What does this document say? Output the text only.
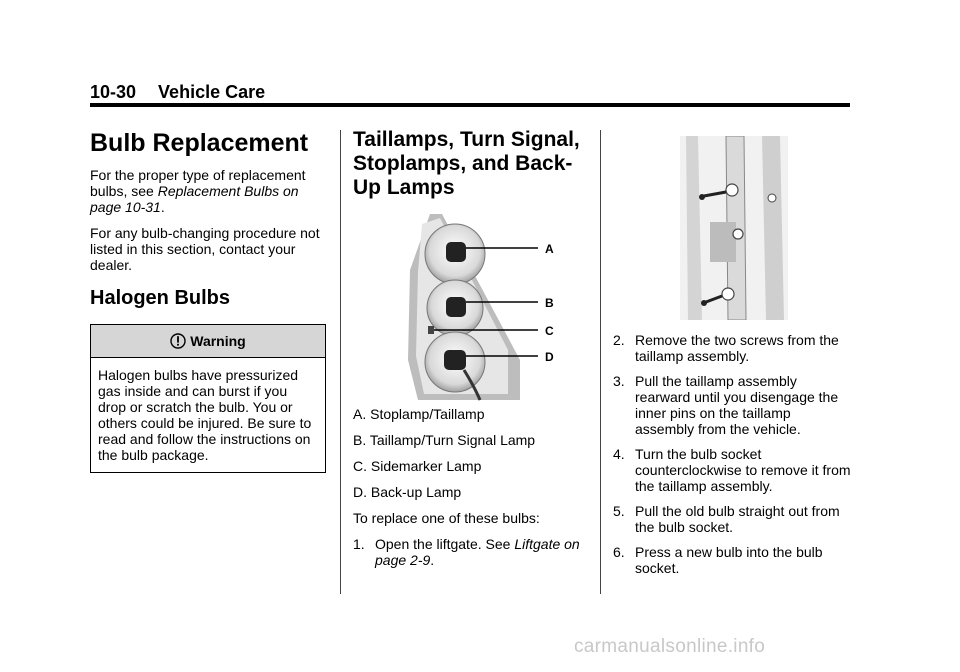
10-30 Vehicle Care
Bulb Replacement

For the proper type of replacement bulbs, see Replacement Bulbs on page 10-31.

For any bulb-changing procedure not listed in this section, contact your dealer.

Halogen Bulbs
Warning
Halogen bulbs have pressurized gas inside and can burst if you drop or scratch the bulb. You or others could be injured. Be sure to read and follow the instructions on the bulb package.
Taillamps, Turn Signal, Stoplamps, and Back-Up Lamps
A
B
C
D

A. Stoplamp/Taillamp

B. Taillamp/Turn Signal Lamp

C. Sidemarker Lamp

D. Back-up Lamp

To replace one of these bulbs:

1. Open the liftgate. See Liftgate on page 2-9.
2. Remove the two screws from the taillamp assembly.
3. Pull the taillamp assembly rearward until you disengage the inner pins on the taillamp assembly from the vehicle.
4. Turn the bulb socket counterclockwise to remove it from the taillamp assembly.
5. Pull the old bulb straight out from the bulb socket.
6. Press a new bulb into the bulb socket.
carmanualsonline.info
